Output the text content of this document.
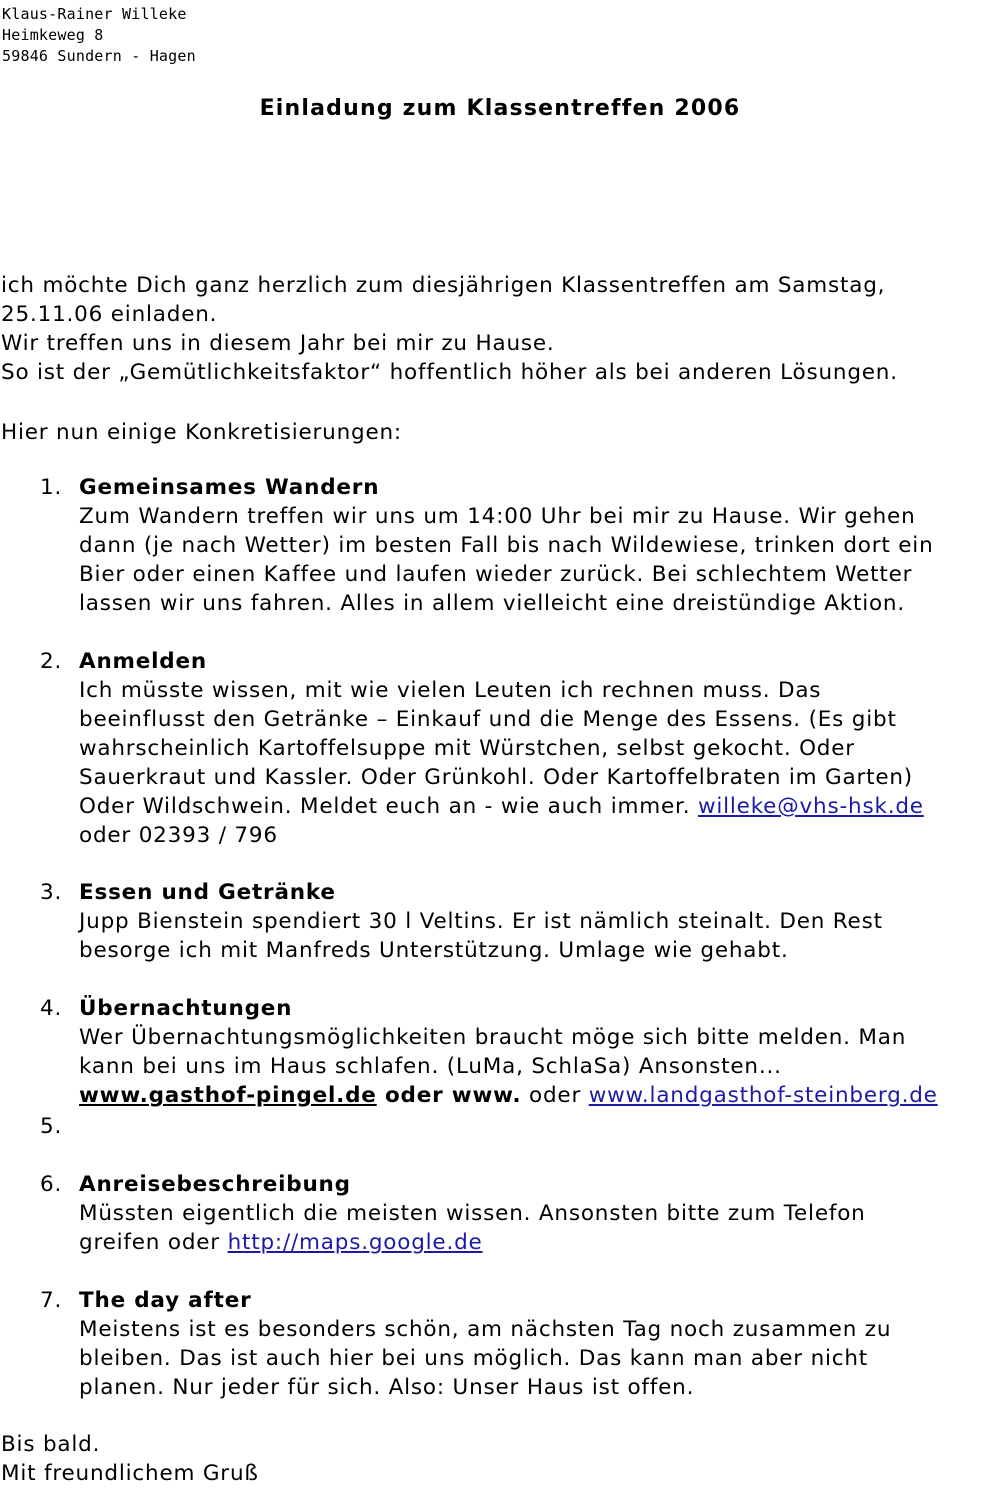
Klaus-Rainer Willeke
Heimkeweg 8
59846 Sundern - Hagen
Einladung zum Klassentreffen 2006

ich möchte Dich ganz herzlich zum diesjährigen Klassentreffen am Samstag,

25.11.06 einladen.

Wir treffen uns in diesem Jahr bei mir zu Hause.

So ist der „Gemütlichkeitsfaktor“ hoffentlich höher als bei anderen Lösungen.

Hier nun einige Konkretisierungen:

1. Gemeinsames Wandern

Zum Wandern treffen wir uns um 14:00 Uhr bei mir zu Hause. Wir gehen
dann (je nach Wetter) im besten Fall bis nach Wildewiese, trinken dort ein
Bier oder einen Kaffee und laufen wieder zurück. Bei schlechtem Wetter
lassen wir uns fahren. Alles in allem vielleicht eine dreistündige Aktion.
2. Anmelden

Ich müsste wissen, mit wie vielen Leuten ich rechnen muss. Das
beeinflusst den Getränke – Einkauf und die Menge des Essens. (Es gibt
wahrscheinlich Kartoffelsuppe mit Würstchen, selbst gekocht. Oder
Sauerkraut und Kassler. Oder Grünkohl. Oder Kartoffelbraten im Garten)
Oder Wildschwein. Meldet euch an - wie auch immer. willeke@vhs-hsk.de
oder 02393 / 796
3. Essen und Getränke

Jupp Bienstein spendiert 30 l Veltins. Er ist nämlich steinalt. Den Rest
besorge ich mit Manfreds Unterstützung. Umlage wie gehabt.
4. Übernachtungen

Wer Übernachtungsmöglichkeiten braucht möge sich bitte melden. Man
kann bei uns im Haus schlafen. (LuMa, SchlaSa) Ansonsten...
www.gasthof-pingel.de oder www. oder www.landgasthof-steinberg.de
5.
6. Anreisebeschreibung

Müssten eigentlich die meisten wissen. Ansonsten bitte zum Telefon
greifen oder http://maps.google.de
7. The day after

Meistens ist es besonders schön, am nächsten Tag noch zusammen zu
bleiben. Das ist auch hier bei uns möglich. Das kann man aber nicht
planen. Nur jeder für sich. Also: Unser Haus ist offen.
Bis bald.
Mit freundlichem Gruß
